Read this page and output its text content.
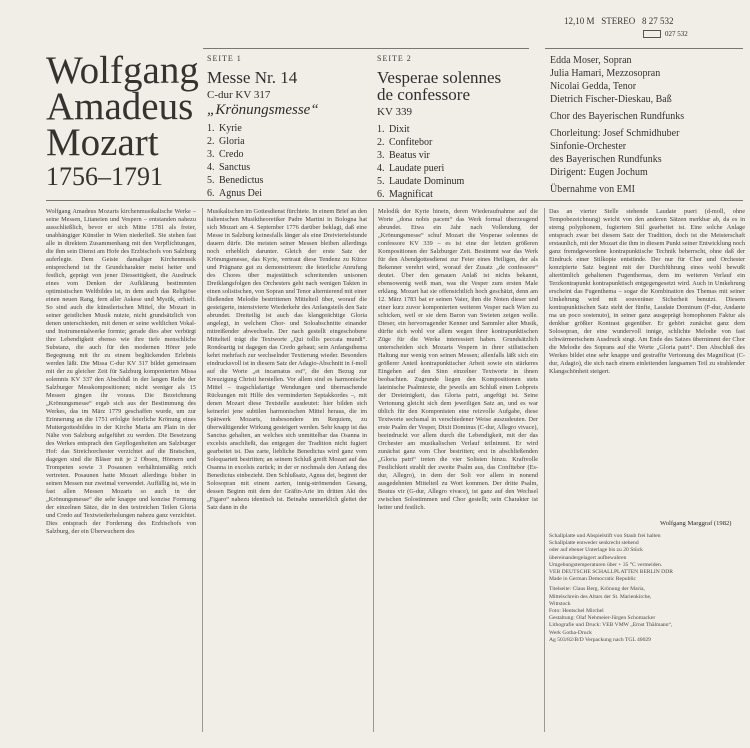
12,10 M STEREO 8 27 532
027 532
Wolfgang
Amadeus
Mozart
1756–1791
SEITE 1
Messe Nr. 14
C-dur KV 317
„Krönungsmesse“
1. Kyrie
2. Gloria
3. Credo
4. Sanctus
5. Benedictus
6. Agnus Dei
SEITE 2
Vesperae solennes
de confessore
KV 339
1. Dixit
2. Confitebor
3. Beatus vir
4. Laudate pueri
5. Laudate Dominum
6. Magnificat
Edda Moser, Sopran
Julia Hamari, Mezzosopran
Nicolai Gedda, Tenor
Dietrich Fischer-Dieskau, Baß
Chor des Bayerischen Rundfunks
Chorleitung: Josef Schmidhuber
Sinfonie-Orchester
des Bayerischen Rundfunks
Dirigent: Eugen Jochum
Übernahme von EMI

Wolfgang Amadeus Mozarts kirchenmusikalische Werke – seine Messen, Litaneien und Vespern – entstanden nahezu ausschließlich, bevor er sich Mitte 1781 als freier, unabhängiger Künstler in Wien niederließ. Sie stehen fast alle in direktem Zusammenhang mit den Verpflichtungen, die ihm sein Dienst am Hofe des Erzbischofs von Salzburg auferlegte. Dem Geiste damaliger Kirchenmusik entsprechend ist ihr Grundcharakter meist heiter und festlich, geprägt von jener Diesseitigkeit, die Ausdruck eines vom Denken der Aufklärung bestimmten optimistischen Weltbildes ist, in dem auch das Religiöse einen neuen Rang, fern aller Askese und Mystik, erhielt. So sind auch die künstlerischen Mittel, die Mozart in seiner geistlichen Musik nutzte, nicht grundsätzlich von denen unterschieden, mit denen er seine weltlichen Vokal- und Instrumentalwerke formte; gerade dies aber verbürgt ihre Lebendigkeit ebenso wie ihre tiefe menschliche Substanz, die auch für den modernen Hörer jede Begegnung mit ihr zu einem beglückenden Erlebnis werden läßt. Die Missa C-dur KV 317 bildet gemeinsam mit der zu gleicher Zeit für Salzburg komponierten Missa solemnis KV 337 den Abschluß in der langen Reihe der Salzburger Messkompositionen; nicht weniger als 15 Messen gingen ihr voraus. Die Bezeichnung „Krönungsmesse“ ergab sich aus der Bestimmung des Werkes, das im März 1779 geschaffen wurde, um zur Erinnerung an die 1751 erfolgte feierliche Krönung eines Muttergottesbildes in der Kirche Maria am Plain in der Nähe von Salzburg aufgeführt zu werden. Die Besetzung des Werkes entsprach den Gepflogenheiten am Salzburger Hof: das Streichorchester verzichtet auf die Bratschen, dagegen sind die Bläser mit je 2 Oboen, Hörnern und Trompeten sowie 3 Posaunen verhältnismäßig reich vertreten. Posaunen hatte Mozart allerdings bisher in seinen Messen nur zweimal verwendet. Auffällig ist, wie in fast allen Messen Mozarts so auch in der „Krönungsmesse“ die sehr knappe und konzise Formung der einzelnen Sätze, die in den textreichen Teilen Gloria und Credo auf Textwiederholungen nahezu ganz verzichtet. Dies entsprach der Forderung des Erzbischofs von Salzburg, der ein Überwuchern des

Musikalischen im Gottesdienst fürchtete. In einem Brief an den italienischen Musiktheoretiker Padre Martini in Bologna hat sich Mozart am 4. September 1776 darüber beklagt, daß eine Messe in Salzburg keinesfalls länger als eine Dreiviertelstunde dauern dürfe. Die meisten seiner Messen bleiben allerdings noch erheblich darunter. Gleich der erste Satz der Krönungsmesse, das Kyrie, vertraut diese Tendenz zu Kürze und Prägnanz gut zu demonstrieren: die feierliche Anrufung des Chores über majestätisch schreitenden unisonen Dreiklangsfolgen des Orchesters geht nach wenigen Takten in einen solistischen, von Sopran und Tenor alternierend mit einer fließenden Melodie bestrittenen Mittelteil über, worauf die gesteigerte, intensivierte Wiederkehr des Anfangsteils den Satz abrundet. Dreiteilig ist auch das klangprächtige Gloria angelegt, in welchem Chor- und Soloabschnitte einander mitreißender abwechseln. Der nach gestellt eingeschobene Mittelteil trägt die Textworte „Qui tollis peccata mundi“. Rondoartig ist dagegen das Credo gebaut; sein Anfangsthema kehrt mehrfach zur wechselnder Textierung wieder. Besonders eindrucksvoll ist in diesem Satz der Adagio-Abschnitt in f-moll auf die Worte „et incarnatus est“, die den Bezug zur Kreuzigung Christi herstellen. Vor allem sind es harmonische Mittel – tragschlafartige Wendungen und überraschende Rückungen mit Hilfe des verminderten Septakkordes –, mit denen Mozart diese Textstelle ausdeutet: hier bilden sich keinerlei jene subtilen harmonischen Mittel heraus, die im Spätwerk Mozarts, insbesondere im Requiem, zu überwältigender Wirkung gesteigert werden. Sehr knapp ist das Sanctus gehalten, an welches sich unmittelbar das Osanna in excelsis anschließt, das entgegen der Tradition nicht fugiert gearbeitet ist. Das zarte, liebliche Benedictus wird ganz vom Soloquartett bestritten; an seinem Schluß greift Mozart auf das Osanna in excelsis zurück; in der er nochmals den Anfang des Benedictus einbezieht. Den Schlußsatz, Agnus dei, beginnt der Solosopran mit einem zarten, innig-strömenden Gesang, dessen Beginn mit dem der Gräfin-Arie im dritten Akt des „Figaro“ nahezu identisch ist. Beinahe unmerklich gleitet der Satz dann in die

Melodik der Kyrie hinein, deren Wiederaufnahme auf die Worte „dona nobis pacem“ das Werk formal überzeugend abrundet. Etwa ein Jahr nach Vollendung der „Krönungsmesse“ schuf Mozart die Vesperae solennes de confessore KV 339 – es ist eine der letzten größeren Kompositionen der Salzburger Zeit. Bestimmt war das Werk für den Abendgottesdienst zur Feier eines Heiligen, der als Bekenner verehrt wird, worauf der Zusatz „de confessore“ deutet. Über den genauen Anlaß ist nichts bekannt, ebensowenig weiß man, was die Vesper zum ersten Male erklang. Mozart hat sie offensichtlich hoch geschätzt, denn am 12. März 1783 bat er seinen Vater, ihm die Noten dieser und einer kurz zuvor komponierten weiteren Vesper nach Wien zu schicken, weil er sie dem Baron van Swieten zeigen wolle. Dieser, ein hervorragender Kenner und Sammler alter Musik, dürfte sich wohl vor allem wegen ihrer kontrapunktischen Züge für die Werke interessiert haben. Grundsätzlich unterscheiden sich Mozarts Vespern in ihrer stilistischen Haltung nur wenig von seinen Messen; allenfalls läßt sich ein größerer Anteil kontrapunktischer Arbeit sowie ein stärkeres Eingehen auf den Sinn einzelner Textworte in ihnen beobachten. Zugrunde liegen den Kompositionen stets lateinische Psalmtexte, die jeweils am Schluß einen Lobpreis der Dreieinigkeit, das Gloria patri, angefügt ist. Seine Vertonung gleicht sich dem jeweiligen Satz an, und es war üblich für den Komponisten eine reizvolle Aufgabe, diese Textworte sechsmal in verschiedener Weise auszudeuten. Der erste Psalm der Vesper, Dixit Dominus (C-dur, Allegro vivace), beeindruckt vor allem durch die Lebendigkeit, mit der das Orchester am musikalischen Verlauf teilnimmt. Er wird zunächst ganz vom Chor bestritten; erst in abschließenden „Gloria patri“ treten die vier Solisten hinzu. Kraftvolle Festlichkeit strahlt der zweite Psalm aus, das Confitebor (Es-dur, Allegro), in dem der Soli vor allem in nonend ausgedehnten Mittelteil zu Wort kommen. Der dritte Psalm, Beatus vir (G-dur, Allegro vivace), ist ganz auf den Wechsel zwischen Solostimmen und Chor gestellt; sein Charakter ist heiter und festlich.

Das an vierter Stelle stehende Laudate pueri (d-moll, ohne Tempobezeichnung) weicht von den anderen Sätzen merkbar ab, da es in streng polyphonem, fugiertem Stil gearbeitet ist. Eine solche Anlage entsprach zwar bei diesem Satz der Tradition, doch ist die Meisterschaft erstaunlich, mit der Mozart die ihm in diesem Punkt seiner Entwicklung noch ganz fremdgewordene kontrapunktische Technik beherrscht, ohne daß der Eindruck einer Stilkopie entstünde. Der nur für Chor und Orchester konzipierte Satz beginnt mit der Durchführung eines wohl bewußt altertümlich gehaltenen Fugenthemas, dem im weiteren Verlauf ein Terzkontrapunkt kontrapunktisch entgegengesetzt wird. Auch in Umkehrung erscheint das Fugenthema – sogar die Kombination des Themas mit seiner Umkehrung wird mit souveräner Sicherheit benutzt. Diesem kontrapunktischen Satz steht der fünfte, Laudate Dominum (F-dur, Andante ma un poco sostenuto), in seiner ganz ausgeprägt homophonen Faktur als denkbar größter Kontrast gegenüber. Er gehört zunächst ganz dem Solosopran, der eine wundervoll innige, schlichte Melodie von fast schwärmerischem Ausdruck singt. Am Ende des Satzes übernimmt der Chor die Melodie des Soprans auf die Worte „Gloria patri“. Den Abschluß des Werkes bildet eine sehr knappe und gestraffte Vertonung des Magnificat (C-dur, Adagio), die sich nach einem einleitenden langsamen Teil zu strahlender Klangschönheit steigert.

Wolfgang Marggraf (1982)
Schallplatte und Abspielstift von Staub frei halten
Schallplatte entweder senkrecht stehend
oder auf ebener Unterlage bis zu 20 Stück
übereinandergelagert aufbewahren
Umgebungstemperaturen über + 35 °C vermeiden.
VEB DEUTSCHE SCHALLPLATTEN BERLIN DDR
Made in German Democratic Republic
Titelseite: Claus Berg, Krönung der Maria,
Mittelschrein des Altars der St. Marienkirche,
Wittstock
Foto: Hentschel Mirchel
Gestaltung: Olaf Nehmeier-Jürgen Schomacker
Lithografie und Druck: VEB VMW „Ernst Thälmann“,
Werk Gotha-Druck
Ag 503/82/B/D Verpackung nach TGL 40029
